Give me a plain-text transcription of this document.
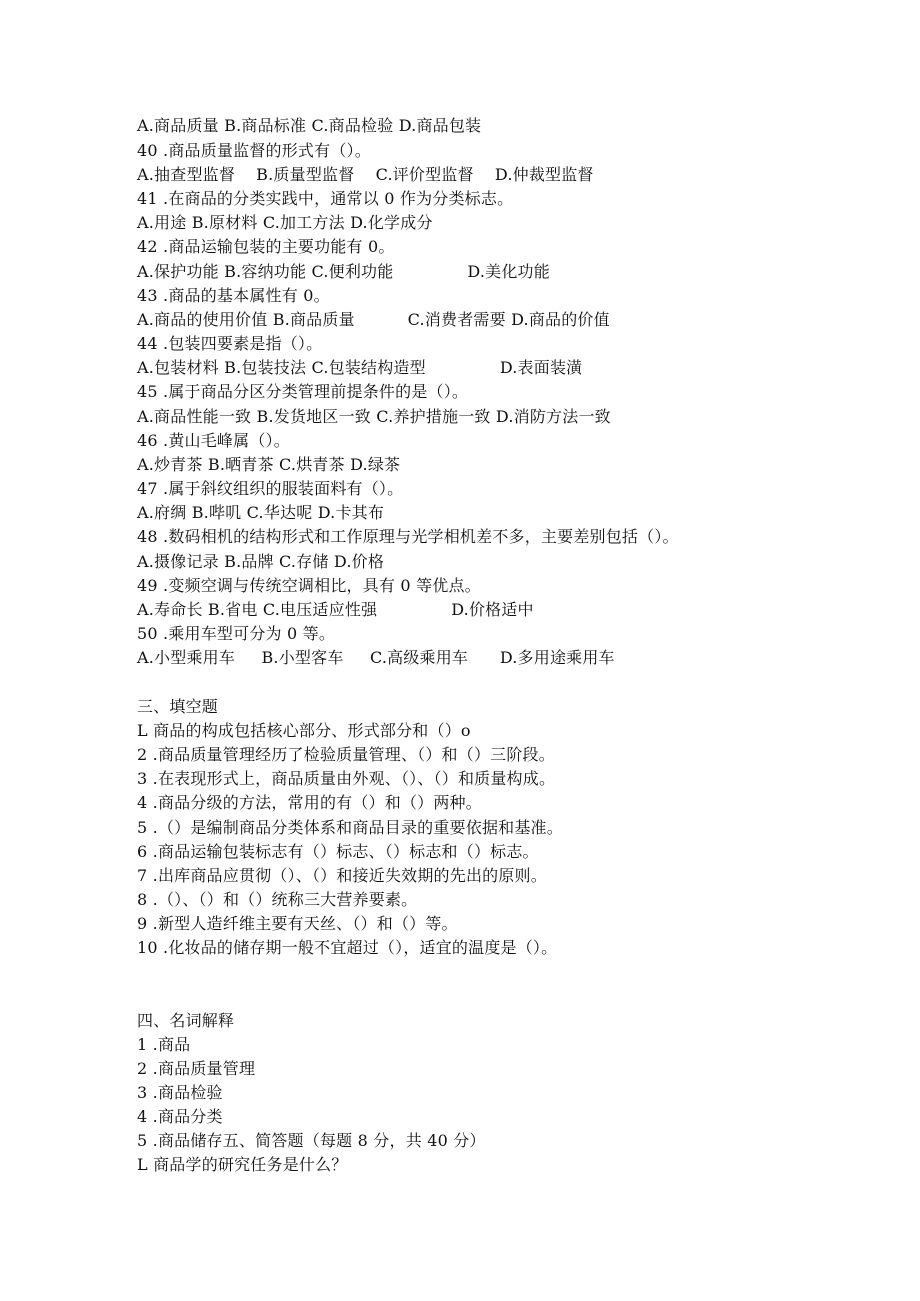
A.商品质量 B.商品标准 C.商品检验 D.商品包装
40 .商品质量监督的形式有（）。
A.抽查型监督    B.质量型监督    C.评价型监督    D.仲裁型监督
41 .在商品的分类实践中，通常以 0 作为分类标志。
A.用途 B.原材料 C.加工方法 D.化学成分
42 .商品运输包装的主要功能有 0。
A.保护功能 B.容纳功能 C.便利功能              D.美化功能
43 .商品的基本属性有 0。
A.商品的使用价值 B.商品质量          C.消费者需要 D.商品的价值
44 .包装四要素是指（）。
A.包装材料 B.包装技法 C.包装结构造型              D.表面装潢
45 .属于商品分区分类管理前提条件的是（）。
A.商品性能一致 B.发货地区一致 C.养护措施一致 D.消防方法一致
46 .黄山毛峰属（）。
A.炒青茶 B.晒青茶 C.烘青茶 D.绿茶
47 .属于斜纹组织的服装面料有（）。
A.府绸 B.哔叽 C.华达呢 D.卡其布
48 .数码相机的结构形式和工作原理与光学相机差不多，主要差别包括（）。
A.摄像记录 B.品牌 C.存储 D.价格
49 .变频空调与传统空调相比，具有 0 等优点。
A.寿命长 B.省电 C.电压适应性强              D.价格适中
50 .乘用车型可分为 0 等。
A.小型乘用车     B.小型客车     C.高级乘用车      D.多用途乘用车
三、填空题
L 商品的构成包括核心部分、形式部分和（）o
2 .商品质量管理经历了检验质量管理、（）和（）三阶段。
3 .在表现形式上，商品质量由外观、（）、（）和质量构成。
4 .商品分级的方法，常用的有（）和（）两种。
5 .（）是编制商品分类体系和商品目录的重要依据和基准。
6 .商品运输包装标志有（）标志、（）标志和（）标志。
7 .出库商品应贯彻（）、（）和接近失效期的先出的原则。
8 .（）、（）和（）统称三大营养要素。
9 .新型人造纤维主要有天丝、（）和（）等。
10 .化妆品的储存期一般不宜超过（），适宜的温度是（）。
四、名词解释
1 .商品
2 .商品质量管理
3 .商品检验
4 .商品分类
5 .商品储存五、简答题（每题 8 分，共 40 分）
L 商品学的研究任务是什么？
